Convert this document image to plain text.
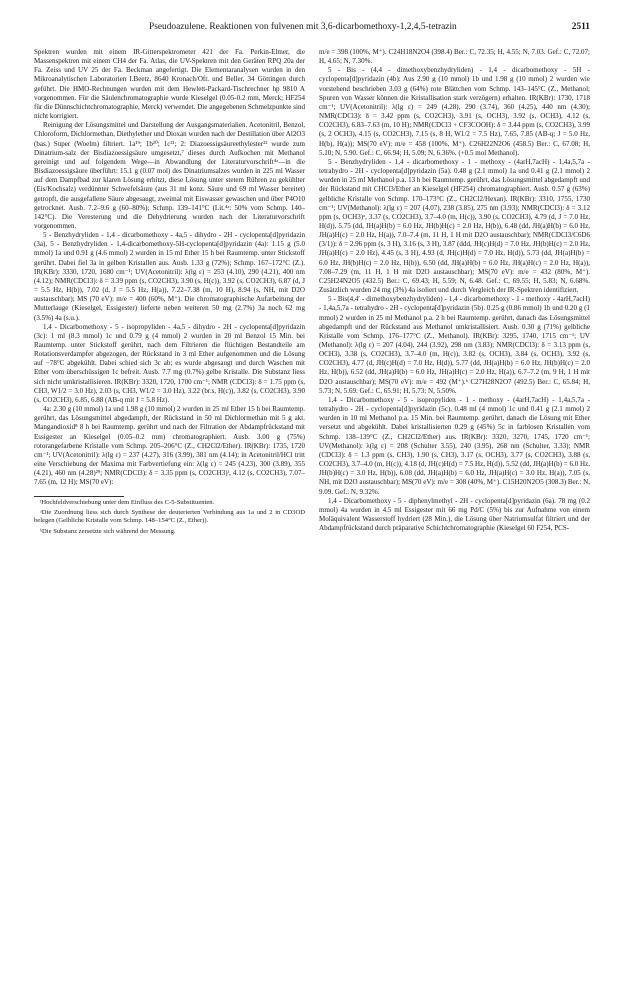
Pseudoazulene. Reaktionen von fulvenen mit 3,6-dicarbomethoxy-1,2,4,5-tetrazin	2511

Spektren wurden mit einem IR-Gitterspektrometer 421 der Fa. Perkin-Elmer, die Massenspektren mit einem CH4 der Fa. Atlas, die UV-Spektren mit den Geräten RPQ 20a der Fa. Zeiss und UV 25 der Fa. Beckman angefertigt. Die Elementaranalysen wurden in den Mikroanalytischen Laboratorien I.Beetz, 8640 Kronach/Ofr. und Beller, 34 Göttingen durch geführt. Die HMO-Rechnungen wurden mit dem Hewlett-Packard-Tischrechner hp 9810 A vorgenommen. Für die Säulenchromatographie wurde Kieselgel (0.05-0.2 mm, Merck; HF254 für die Dünnschichtchromatographie, Merck) verwendet. Die angegebenen Schmelzpunkte sind nicht korrigiert.

Reinigung der Lösungsmittel und Darstellung der Ausgangsmaterialien. Acetonitril, Benzol, Chloroform, Dichlormethan, Diethylether und Dioxan wurden nach der Destillation über Al2O3 (bas.) Super (Woelm) filtriert. 1a¹⁹; 1b²⁰; 1c²¹; 2: Diazoessigsäureethylester²² wurde zum Dinatrium-salz der Bisdiazoessigsäure umgesetzt,⁷ dieses durch Aufkochen mit Methanol gereinigt und auf folgendem Wege—in Abwandlung der Literaturvorschrift⁴ᵃ—in die Bisdiazoessigsäure überführt: 15.1 g (0.07 mol) des Dinatriumsalzes wurden in 225 ml Wasser auf dem Dampfbad zur klaren Lösung erhitzt, diese Lösung unter stetem Rühren zu gekühlter (Eis/Kochsalz) verdünnter Schwefelsäure (aus 31 ml konz. Säure und 69 ml Wasser bereitet) getropft, die ausgefallene Säure abgesaugt, zweimal mit Eiswasser gewaschen und über P4O10 getrocknet. Ausb. 7.2–9.6 g (60–80%); Schmp. 139–141°C (Lit.⁴ᵃ: 50% vom Schmp. 140–142°C). Die Veresterung und die Dehydrierung wurden nach der Literaturvorschrift vorgenommen.

5 - Benzhydryliden - 1,4 - dicarbomethoxy - 4a,5 - dihydro - 2H - cyclopenta[d]pyridazin (3a), 5 - Benzhydryliden - 1,4-dicarbomethoxy-5H-cyclopenta[d]pyridazin (4a): 1.15 g (5.0 mmol) 1a und 0.91 g (4.6 mmol) 2 wurden in 15 ml Ether 15 h bei Raumtemp. unter Stickstoff gerührt. Dabei fiel 3a in gelben Kristallen aus. Ausb. 1.33 g (72%); Schmp. 167–172°C (Z.). IR(KBr): 3330, 1720, 1680 cm⁻¹; UV(Acetonitril): λ(lg ε) = 253 (4.10), 290 (4.21), 400 nm (4.12); NMR(CDCl3): δ = 3.39 ppm (s, CO2CH3), 3.90 (s, H(c)), 3.92 (s, CO2CH3), 6.87 (d, J = 5.5 Hz, H(b)), 7.02 (d, J = 5.5 Hz, H(a)), 7.22–7.38 (m, 10 H), 8.94 (s, NH, mit D2O austauschbar); MS (70 eV): m/e = 400 (60%, M⁺). Die chromatographische Aufarbeitung der Mutterlauge (Kieselgel, Essigester) lieferte neben weiteren 50 mg (2.7%) 3a noch 62 mg (3.5%) 4a (s.u.).

1,4 - Dicarbomethoxy - 5 - isopropyliden - 4a,5 - dihydro - 2H - cyclopenta[d]pyridazin (3c): 1 ml (8.3 mmol) 1c und 0.79 g (4 mmol) 2 wurden in 20 ml Benzol 15 Min. bei Raumtemp. unter Stickstoff gerührt, nach dem Filtrieren die flüchtigen Bestandteile am Rotationsverdampfer abgezogen, der Rückstand in 3 ml Ether aufgenommen und die Lösung auf −78°C abgekühlt. Dabei schied sich 3c ab; es wurde abgesaugt und durch Waschen mit Ether vom überschüssigen 1c befreit. Ausb. 7.7 mg (0.7%) gelbe Kristalle. Die Substanz liess sich nicht umkristallisieren. IR(KBr): 3320, 1720, 1700 cm⁻¹; NMR (CDCl3): δ = 1.75 ppm (s, CH3, W1/2 = 3.0 Hz), 2.03 (s, CH3, W1/2 = 3.0 Hz), 3.22 (br.s, H(c)), 3.82 (s, CO2CH3), 3.90 (s, CO2CH3), 6.85, 6.88 (AB-q mit J = 5.8 Hz).

4a: 2.30 g (10 mmol) 1a und 1.98 g (10 mmol) 2 wurden in 25 ml Ether 15 h bei Raumtemp. gerührt, das Lösungsmittel abgedampft, der Rückstand in 50 ml Dichlormethan mit 5 g akt. Mangandioxid⁸ 8 h bei Raumtemp. gerührt und nach der Filtration der Abdampfrückstand mit Essigester an Kieselgel (0.05–0.2 mm) chromatographiert. Ausb. 3.00 g (75%) rotorangefarbene Kristalle vom Schmp. 205–206°C (Z., CH2Cl2/Ether). IR(KBr): 1735, 1720 cm⁻¹; UV(Acetonitril): λ(lg ε) = 237 (4.27), 316 (3.99), 381 nm (4.14); in Acetonitril/HCl tritt eine Verschiebung der Maxima mit Farbvertiefung ein: λ(lg ε) = 245 (4.23), 300 (3.89), 355 (4.21), 460 nm (4.28)²⁹; NMR(CDCl3): δ = 3.35 ppm (s, CO2CH3)ᶠ, 4.12 (s, CO2CH3), 7.07–7.65 (m, 12 H); MS(70 eV):

ᶠHochfeldverschiebung unter dem Einfluss des C-5-Substituenten.

ᵃDie Zuordnung liess sich durch Synthese der deuterierten Verbindung aus 1a und 2 in CD3OD belegen (Gelbliche Kristalle vom Schmp. 148–154°C (Z., Ether)).

ᵇDie Substanz zersetzte sich während der Messung.

m/e = 398 (100%, M⁺). C24H18N2O4 (398.4) Ber.: C, 72.35; H, 4.55; N, 7.03. Gef.: C, 72.07; H, 4.65; N, 7.30%.

5 - Bis - (4,4 - dimethoxybenzhydryliden) - 1,4 - dicarbomethoxy - 5H - cyclopenta[d]pyridazin (4b): Aus 2.90 g (10 mmol) 1b und 1.98 g (10 mmol) 2 wurden wie vorstehend beschrieben 3.03 g (64%) rote Blättchen vom Schmp. 143–145°C (Z., Methanol; Spuren von Wasser können die Kristallisation stark verzögern) erhalten. IR(KBr): 1730, 1718 cm⁻¹; UV(Acetonitril): λ(lg ε) = 249 (4.28), 290 (3.74), 360 (4.25), 440 nm (4.30); NMR(CDCl3): δ = 3.42 ppm (s, CO2CH3), 3.91 (s, OCH3), 3.92 (s, OCH3), 4.12 (s, CO2CH3), 6.83–7.63 (m, 10 H); NMR(CDCl3 + CF3COOH): δ = 3.44 ppm (s, CO2CH3), 3.99 (s, 2 OCH3), 4.15 (s, CO2CH3), 7.15 (s, 8 H, W1/2 = 7.5 Hz), 7.65, 7.85 (AB-q; J = 5.0 Hz, H(b), H(a)); MS(70 eV): m/e = 458 (100%, M⁺). C26H22N2O6 (458.5) Ber.: C, 67.08; H, 5.10; N, 5.90. Gef.: C, 66.94; H, 5.09; N, 6.36%. (+0.5 mol Methanol).

5 - Benzhydryliden - 1,4 - dicarbomethoxy - 1 - methoxy - (4arH,7acH) - 1,4a,5,7a - tetrahydro - 2H - cyclopenta[d]pyridazin (5a). 0.48 g (2.1 mmol) 1a und 0.41 g (2.1 mmol) 2 wurden in 25 ml Methanol p.a. 13 h bei Raumtemp. gerührt, das Lösungsmittel abgedampft und der Rückstand mit CHCl3/Ether an Kieselgel (HF254) chromatographiert. Ausb. 0.57 g (63%) gelbliche Kristalle von Schmp. 170–173°C (Z., CH2Cl2/Hexan). IR(KBr): 3310, 1755, 1730 cm⁻¹; UV(Methanol): λ(lg ε) = 207 (4.07), 238 (3.85), 275 nm (3.93); NMR(CDCl3): δ = 3.12 ppm (s, OCH3)ᵃ, 3.37 (s, CO2CH3), 3.7–4.0 (m, H(c)), 3.90 (s, CO2CH3), 4.79 (d, J = 7.0 Hz, H(d)), 5.75 (dd, JH(a)H(b) = 6.0 Hz, JH(b)H(c) = 2.0 Hz, H(b)), 6.48 (dd, JH(a)H(b) = 6.0 Hz, JH(a)H(c) = 2.0 Hz, H(a)), 7.0–7.4 (m, 11 H, 1 H mit D2O austauschbar); NMR(CDCl3/C6D6 (3/1)): δ = 2.96 ppm (s, 3 H), 3.16 (s, 3 H), 3.87 (ddd, JH(c)H(d) = 7.0 Hz, JH(b)H(c) = 2.0 Hz, JH(a)H(c) = 2.0 Hz), 4.45 (s, 3 H), 4.93 (d, JH(c)H(d) = 7.0 Hz, H(d)), 5.73 (dd, JH(a)H(b) = 6.0 Hz, JH(b)H(c) = 2.0 Hz, H(b)), 6.50 (dd, JH(a)H(b) = 6.0 Hz, JH(a)H(c) = 2.0 Hz, H(a)), 7.08–7.29 (m, 11 H, 1 H mit D2O austauschbar); MS(70 eV): m/e = 432 (80%, M⁺). C25H24N2O5 (432.5) Ber.: C, 69.43; H, 5.59; N, 6.48. Gef.: C, 69.55; H, 5.83; N, 6.68%. Zusätzlich wurden 24 mg (3%) 4a isoliert und durch Vergleich der IR-Spektren identifiziert.

5 - Bis(4,4′ - dimethoxybenzhydryliden) - 1,4 - dicarbomethoxy - 1 - methoxy - 4arH,7acH) - 1,4a,5,7a - tetrahydro - 2H - cyclopenta[d]pyridazin (5b). 0.25 g (0.86 mmol) 1b und 0.20 g (1 mmol) 2 wurden in 25 ml Methanol p.a. 2 h bei Raumtemp. gerührt, danach das Lösungsmittel abgedampft und der Rückstand aus Methanol umkristallisiert. Ausb. 0.30 g (71%) gelbliche Kristalle vom Schmp. 176–177°C (Z., Methanol). IR(KBr): 3295, 1740, 1715 cm⁻¹; UV (Methanol): λ(lg ε) = 207 (4.04), 244 (3.92), 298 nm (3.83); NMR(CDCl3): δ = 3.13 ppm (s, OCH3), 3.38 (s, CO2CH3), 3.7–4.0 (m, H(c)), 3.82 (s, OCH3), 3.84 (s, OCH3), 3.92 (s, CO2CH3), 4.77 (d, JH(c)H(d) = 7.0 Hz, H(d)), 5.77 (dd, JH(a)H(b) = 6.0 Hz, JH(b)H(c) = 2.0 Hz, H(b)), 6.52 (dd, JH(a)H(b) = 6.0 Hz, JH(a)H(c) = 2.0 Hz, H(a)), 6.7–7.2 (m, 9 H, 1 H mit D2O austauschbar); MS(70 eV): m/e = 492 (M⁺).ᵇ C27H28N2O7 (492.5) Ber.: C, 65.84; H, 5.73; N, 5.69. Gef.: C, 65.91; H, 5.73; N, 5.50%.

1,4 - Dicarbomethoxy - 5 - isopropyliden - 1 - methoxy - (4arH,7acH) - 1,4a,5,7a - tetrahydro - 2H - cyclopenta[d]pyridazin (5c). 0.48 ml (4 mmol) 1c und 0.41 g (2.1 mmol) 2 wurden in 10 ml Methanol p.a. 15 Min. bei Raumtemp. gerührt, danach die Lösung mit Ether versetzt und abgekühlt. Dabei kristallisierten 0.29 g (45%) 5c in farblosen Kristallen vom Schmp. 138–139°C (Z., CH2Cl2/Ether) aus. IR(KBr): 3320, 3270, 1745, 1720 cm⁻¹; UV(Methanol): λ(lg ε) = 208 (Schulter 3.55), 240 (3.95), 268 nm (Schulter, 3.33); NMR (CDCl3): δ = 1.3 ppm (s, CH3), 1.90 (s, CH3), 3.17 (s, OCH3), 3.77 (s, CO2CH3), 3.88 (s, CO2CH3), 3.7–4.0 (m, H(c)), 4.18 (d, JH(c)H(d) = 7.5 Hz, H(d)), 5.52 (dd, JH(a)H(b) = 6.0 Hz, JH(b)H(c) = 3.0 Hz, H(b)), 6.08 (dd, JH(a)H(b) = 6.0 Hz, JH(a)H(c) = 3.0 Hz, H(a)), 7.05 (s, NH, mit D2O austauschbar); MS(70 eV): m/e = 308 (40%, M⁺). C15H20N2O5 (308.3) Ber.: N, 9.09. Gef.: N, 9.32%.

1,4 - Dicarbomethoxy - 5 - diphenylmethyl - 2H - cyclopenta[d]pyridazin (6a). 78 mg (0.2 mmol) 4a wurden in 4.5 ml Essigester mit 66 mg Pd/C (5%) bis zur Aufnahme von einem Moläquivalent Wasserstoff hydriert (28 Min.), die Lösung über Natriumsulfat filtriert und der Abdampfrückstand durch präparative Schichtchromatographie (Kieselgel 60 F254, PCS-
